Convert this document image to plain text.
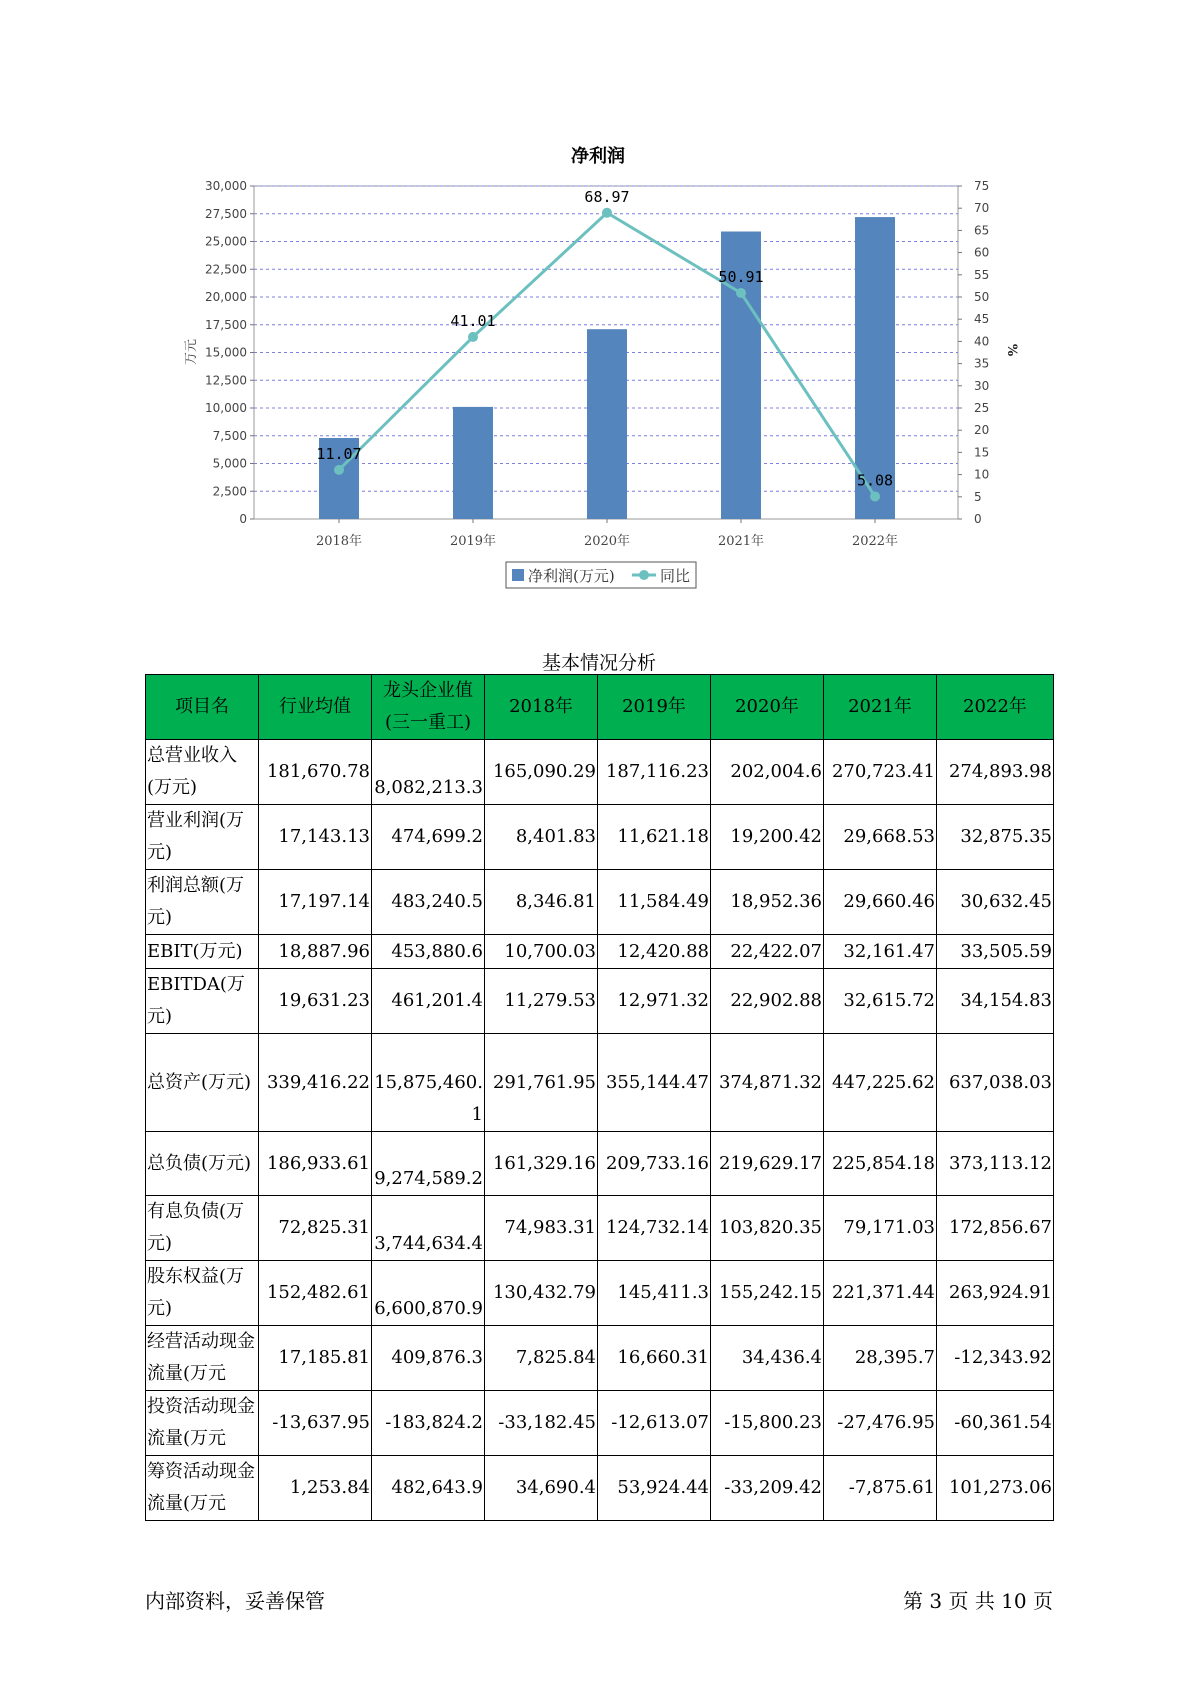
0
2,500
5,000
7,500
10,000
12,500
15,000
17,500
20,000
22,500
25,000
27,500
30,000
0
5
10
15
20
25
30
35
40
45
50
55
60
65
70
75
万元	%
净利润
2018年	2019年	2020年	2021年	2022年
11.07
41.01
68.97
50.91
5.08
净利润(万元)	同比
基本情况分析
项目名	行业均值	龙头企业值(三一重工)	2018年	2019年	2020年	2021年	2022年
总营业收入(万元)	181,670.78	8,082,213.3	165,090.29	187,116.23	202,004.6	270,723.41	274,893.98
营业利润(万元)	17,143.13	474,699.2	8,401.83	11,621.18	19,200.42	29,668.53	32,875.35
利润总额(万元)	17,197.14	483,240.5	8,346.81	11,584.49	18,952.36	29,660.46	30,632.45
EBIT(万元)	18,887.96	453,880.6	10,700.03	12,420.88	22,422.07	32,161.47	33,505.59
EBITDA(万元)	19,631.23	461,201.4	11,279.53	12,971.32	22,902.88	32,615.72	34,154.83
总资产(万元)	339,416.22	15,875,460.1	291,761.95	355,144.47	374,871.32	447,225.62	637,038.03
总负债(万元)	186,933.61	9,274,589.2	161,329.16	209,733.16	219,629.17	225,854.18	373,113.12
有息负债(万元)	72,825.31	3,744,634.4	74,983.31	124,732.14	103,820.35	79,171.03	172,856.67
股东权益(万元)	152,482.61	6,600,870.9	130,432.79	145,411.3	155,242.15	221,371.44	263,924.91
经营活动现金流量(万元	17,185.81	409,876.3	7,825.84	16,660.31	34,436.4	28,395.7	-12,343.92
投资活动现金流量(万元	-13,637.95	-183,824.2	-33,182.45	-12,613.07	-15,800.23	-27,476.95	-60,361.54
筹资活动现金流量(万元	1,253.84	482,643.9	34,690.4	53,924.44	-33,209.42	-7,875.61	101,273.06
内部资料，妥善保管	第 3 页 共 10 页
